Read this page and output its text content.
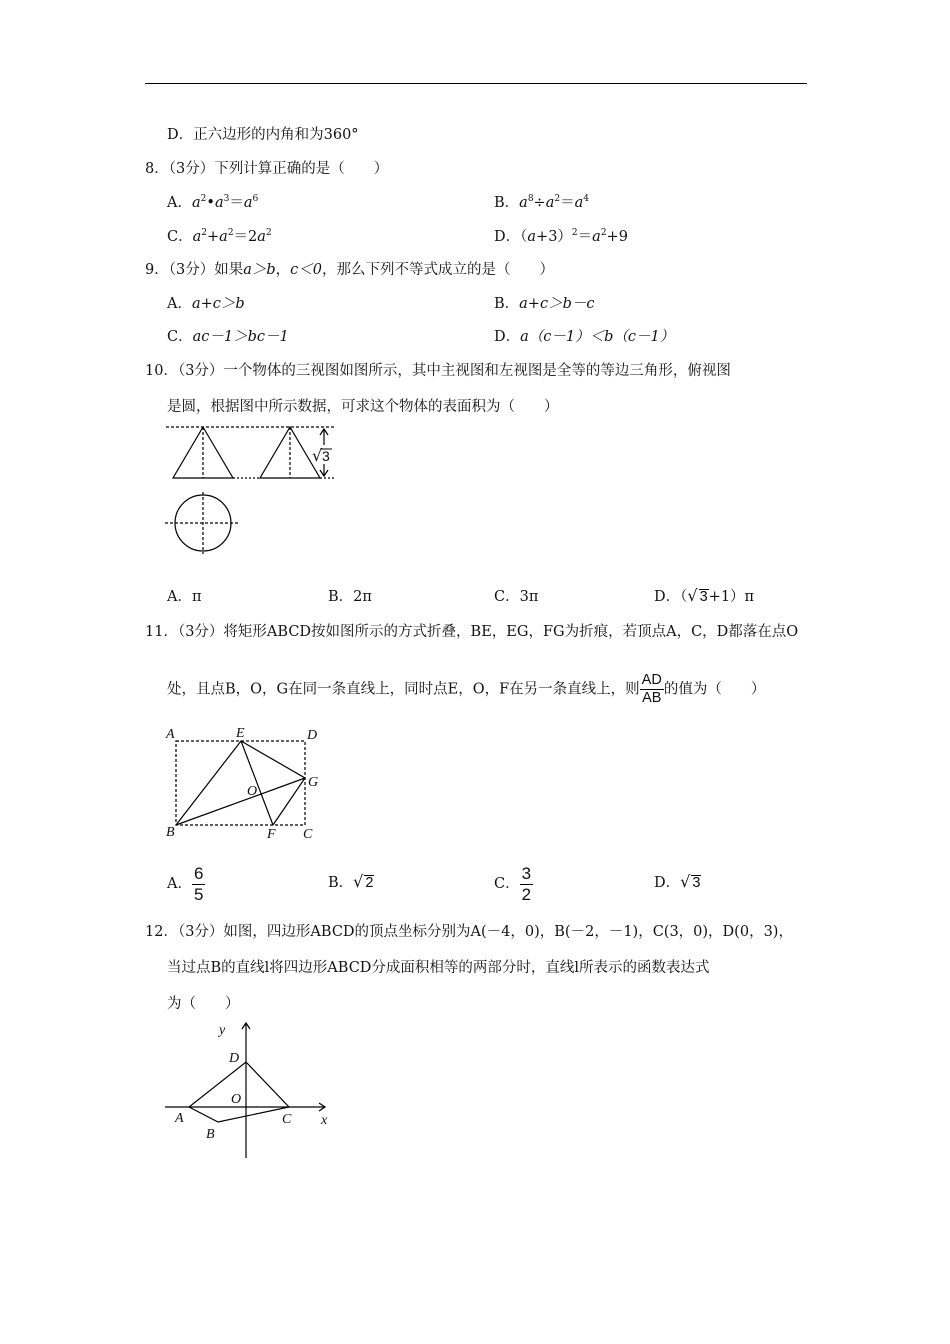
D．正六边形的内角和为360°
8．（3分）下列计算正确的是（　　）
A．$a^2•a^3=a^6$	B．$a^8\div a^2=a^4$
C．$a^2+a^2=2a^2$	D．$(a+3)^2=a^2+9$
9．（3分）如果a＞b，c＜0，那么下列不等式成立的是（　　）
A．a+c＞b	B．a+c＞b－c
C．ac－1＞bc－1	D．a（c－1）＜b（c－1）
10．（3分）一个物体的三视图如图所示，其中主视图和左视图是全等的等边三角形，俯视图
是圆，根据图中所示数据，可求这个物体的表面积为（　　）
√ 3
A．π	B．2π	C．3π	D．（√ 3+1）π
11．（3分）将矩形ABCD按如图所示的方式折叠，BE，EG，FG为折痕，若顶点A，C，D都落在点O
处，且点B，O，G在同一条直线上，同时点E，O，F在另一条直线上，则 $\frac{AD}{AB}$ 的值为（　　）
A	E	D
G
O
B	F C
A． $\frac{6}{5}$	B．√ 2	C． $\frac{3}{2}$	D．√ 3
12．（3分）如图，四边形ABCD的顶点坐标分别为A(－4，0)，B(－2，－1)，C(3，0)，D(0，3)，
当过点B的直线l将四边形ABCD分成面积相等的两部分时，直线l所表示的函数表达式
为（　　）
y
D
O
A	C x
B
